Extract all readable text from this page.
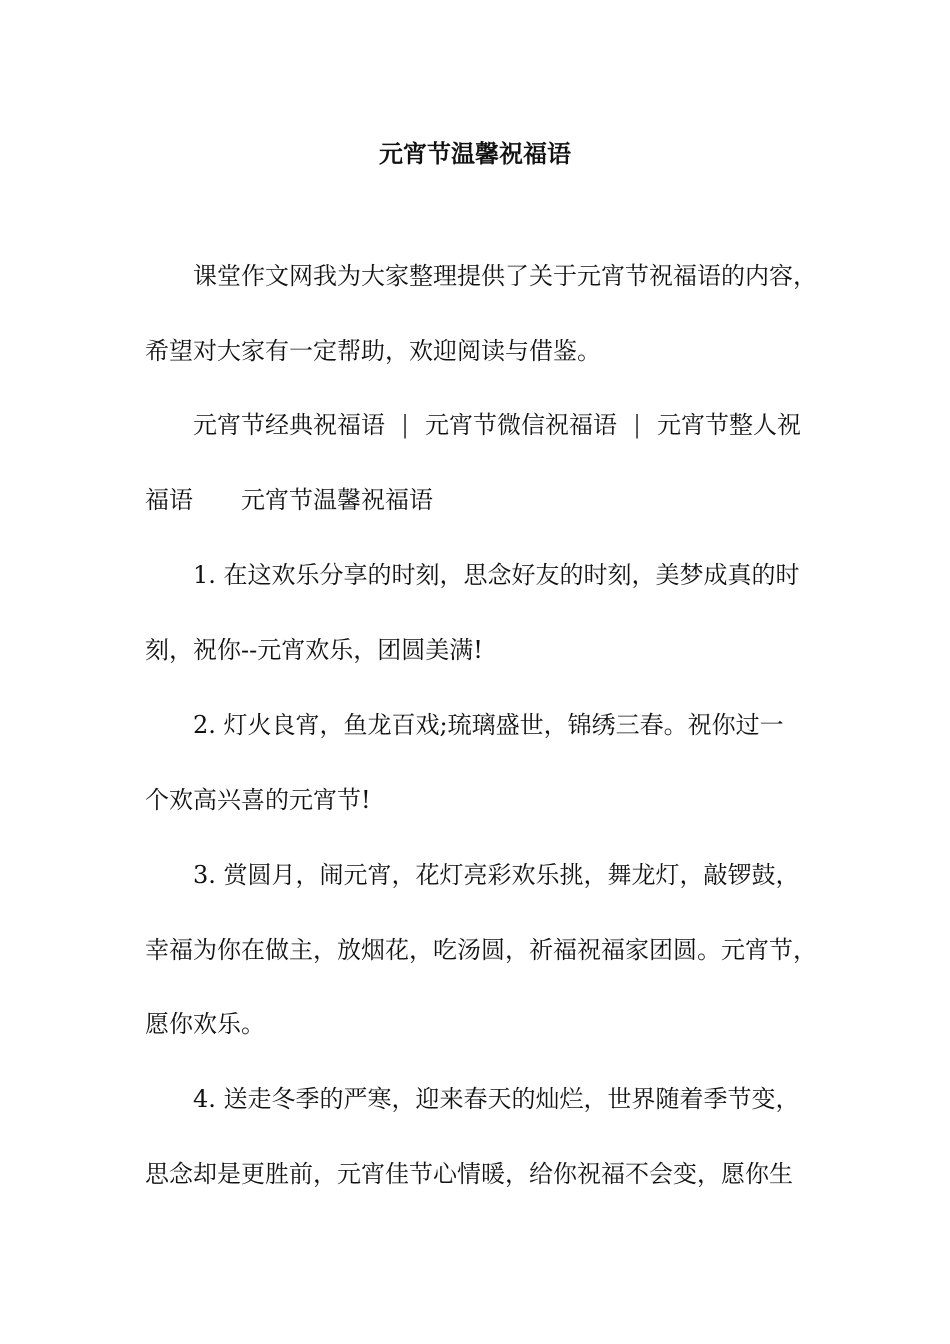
元宵节温馨祝福语
课堂作文网我为大家整理提供了关于元宵节祝福语的内容，
希望对大家有一定帮助，欢迎阅读与借鉴。
元宵节经典祝福语 | 元宵节微信祝福语 | 元宵节整人祝
福语 元宵节温馨祝福语
1. 在这欢乐分享的时刻，思念好友的时刻，美梦成真的时
刻，祝你--元宵欢乐，团圆美满!
2. 灯火良宵，鱼龙百戏;琉璃盛世，锦绣三春。祝你过一
个欢高兴喜的元宵节!
3. 赏圆月，闹元宵，花灯亮彩欢乐挑，舞龙灯，敲锣鼓，
幸福为你在做主，放烟花，吃汤圆，祈福祝福家团圆。元宵节，
愿你欢乐。
4. 送走冬季的严寒，迎来春天的灿烂，世界随着季节变，
思念却是更胜前，元宵佳节心情暖，给你祝福不会变，愿你生
